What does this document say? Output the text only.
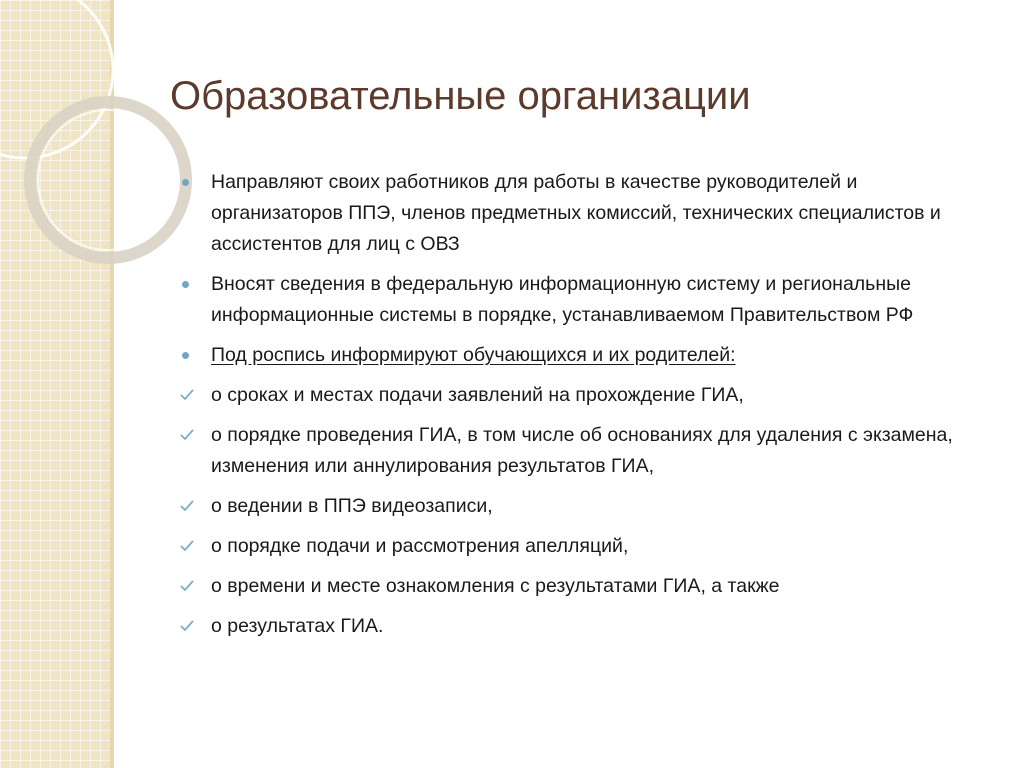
Образовательные организации
Направляют своих работников для работы в качестве руководителей и организаторов ППЭ, членов предметных комиссий, технических специалистов и ассистентов для лиц с ОВЗ
Вносят сведения в федеральную информационную систему и региональные информационные системы в порядке, устанавливаемом Правительством РФ
Под роспись информируют обучающихся и их родителей:
о сроках и местах подачи заявлений на прохождение ГИА,
о порядке проведения ГИА, в том числе об основаниях для удаления с экзамена, изменения или аннулирования результатов ГИА,
о ведении в ППЭ видеозаписи,
о порядке подачи и рассмотрения апелляций,
о времени и месте ознакомления с результатами ГИА, а также
о результатах ГИА.
